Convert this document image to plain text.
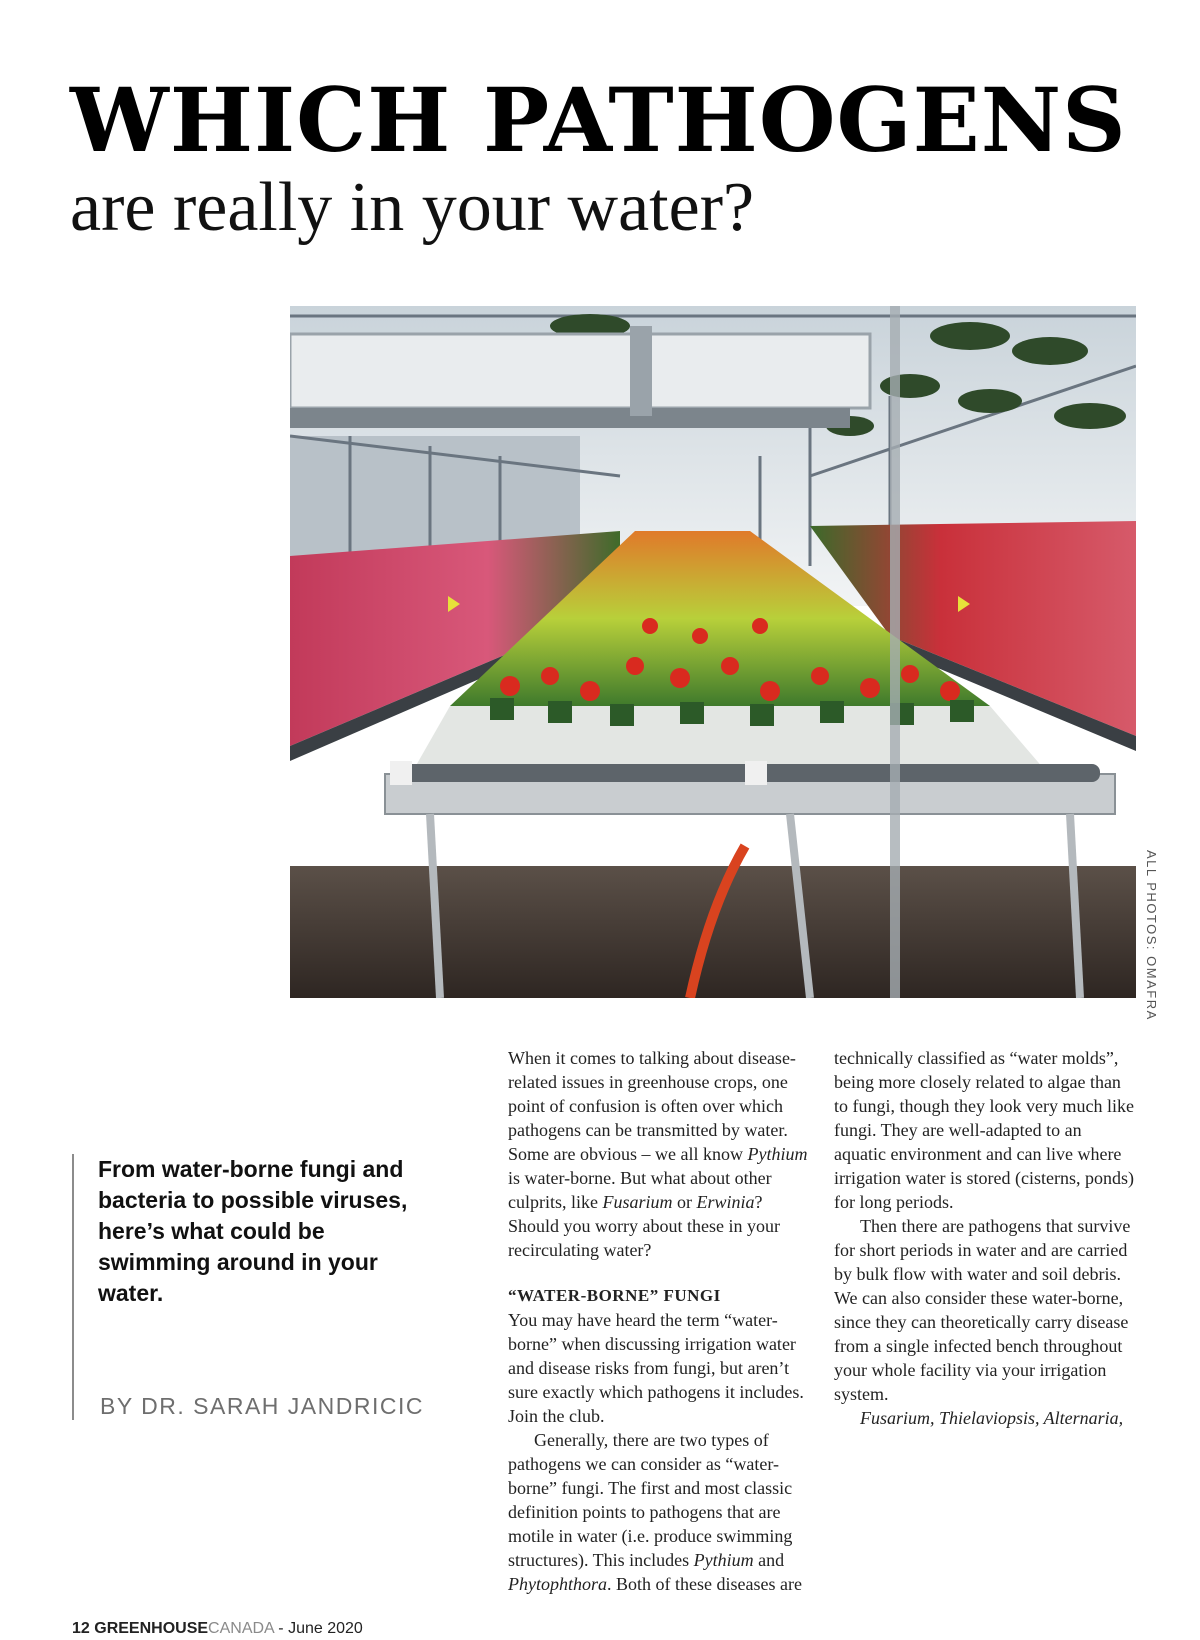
WHICH PATHOGENS
are really in your water?
ALL PHOTOS: OMAFRA
From water-borne fungi and bacteria to possible viruses, here’s what could be swimming around in your water.
BY DR. SARAH JANDRICIC

When it comes to talking about disease-related issues in greenhouse crops, one point of confusion is often over which pathogens can be transmitted by water. Some are obvious – we all know Pythium is water-borne. But what about other culprits, like Fusarium or Erwinia? Should you worry about these in your recirculating water?

“WATER-BORNE” FUNGI

You may have heard the term “water-borne” when discussing irrigation water and disease risks from fungi, but aren’t sure exactly which pathogens it includes. Join the club.

Generally, there are two types of pathogens we can consider as “water-borne” fungi. The first and most classic definition points to pathogens that are motile in water (i.e. produce swimming structures). This includes Pythium and Phytophthora. Both of these diseases are

technically classified as “water molds”, being more closely related to algae than to fungi, though they look very much like fungi. They are well-adapted to an aquatic environment and can live where irrigation water is stored (cisterns, ponds) for long periods.

Then there are pathogens that survive for short periods in water and are carried by bulk flow with water and soil debris. We can also consider these water-borne, since they can theoretically carry disease from a single infected bench throughout your whole facility via your irrigation system.

Fusarium, Thielaviopsis, Alternaria,

12 GREENHOUSECANADA - June 2020
